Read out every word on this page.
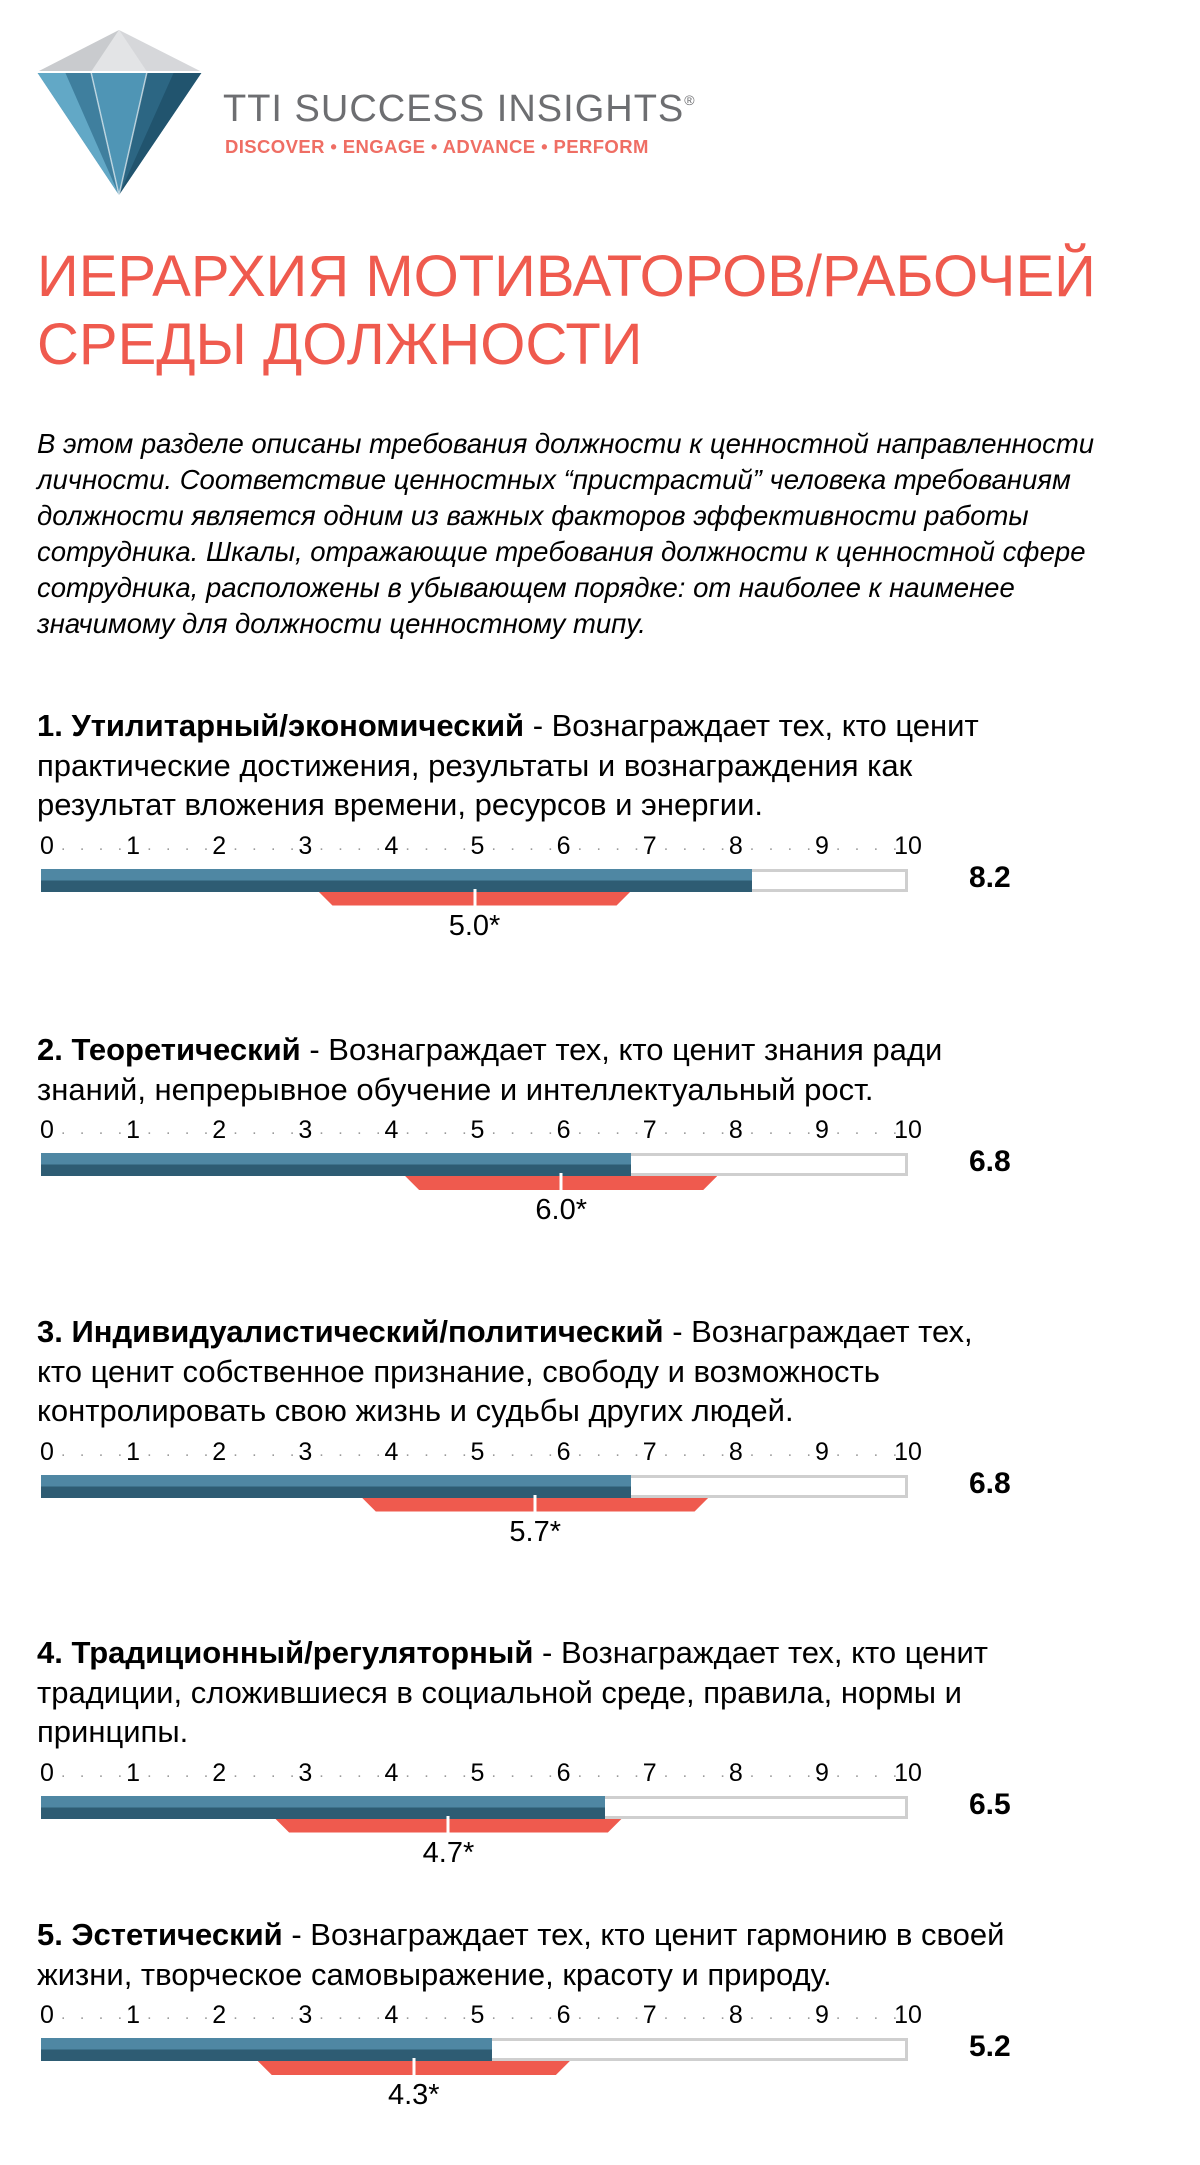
TTI SUCCESS INSIGHTS®
DISCOVER • ENGAGE • ADVANCE • PERFORM
ИЕРАРХИЯ МОТИВАТОРОВ/РАБОЧЕЙ
СРЕДЫ ДОЛЖНОСТИ
В этом разделе описаны требования должности к ценностной направленности личности. Соответствие ценностных “пристрастий” человека требованиям должности является одним из важных факторов эффективности работы сотрудника. Шкалы, отражающие требования должности к ценностной сфере сотрудника, расположены в убывающем порядке: от наиболее к наименее значимому для должности ценностному типу.
1. Утилитарный/экономический - Вознаграждает тех, кто ценит практические достижения, результаты и вознаграждения как результат вложения времени, ресурсов и энергии.
0 . . . . 1 . . . . 2 . . . . 3 . . . . 4 . . . . 5 . . . . 6 . . . . 7 . . . . 8 . . . . 9 . . . .
10
5.0*
8.2
2. Теоретический - Вознаграждает тех, кто ценит знания ради знаний, непрерывное обучение и интеллектуальный рост.
0 . . . . 1 . . . . 2 . . . . 3 . . . . 4 . . . . 5 . . . . 6 . . . . 7 . . . . 8 . . . . 9 . . . .
10
6.0*
6.8
3. Индивидуалистический/политический - Вознаграждает тех, кто ценит собственное признание, свободу и возможность контролировать свою жизнь и судьбы других людей.
0 . . . . 1 . . . . 2 . . . . 3 . . . . 4 . . . . 5 . . . . 6 . . . . 7 . . . . 8 . . . . 9 . . . .
10
5.7*
6.8
4. Традиционный/регуляторный - Вознаграждает тех, кто ценит традиции, сложившиеся в социальной среде, правила, нормы и принципы.
0 . . . . 1 . . . . 2 . . . . 3 . . . . 4 . . . . 5 . . . . 6 . . . . 7 . . . . 8 . . . . 9 . . . .
10
4.7*
6.5
5. Эстетический - Вознаграждает тех, кто ценит гармонию в своей жизни, творческое самовыражение, красоту и природу.
0 . . . . 1 . . . . 2 . . . . 3 . . . . 4 . . . . 5 . . . . 6 . . . . 7 . . . . 8 . . . . 9 . . . .
10
4.3*
5.2
